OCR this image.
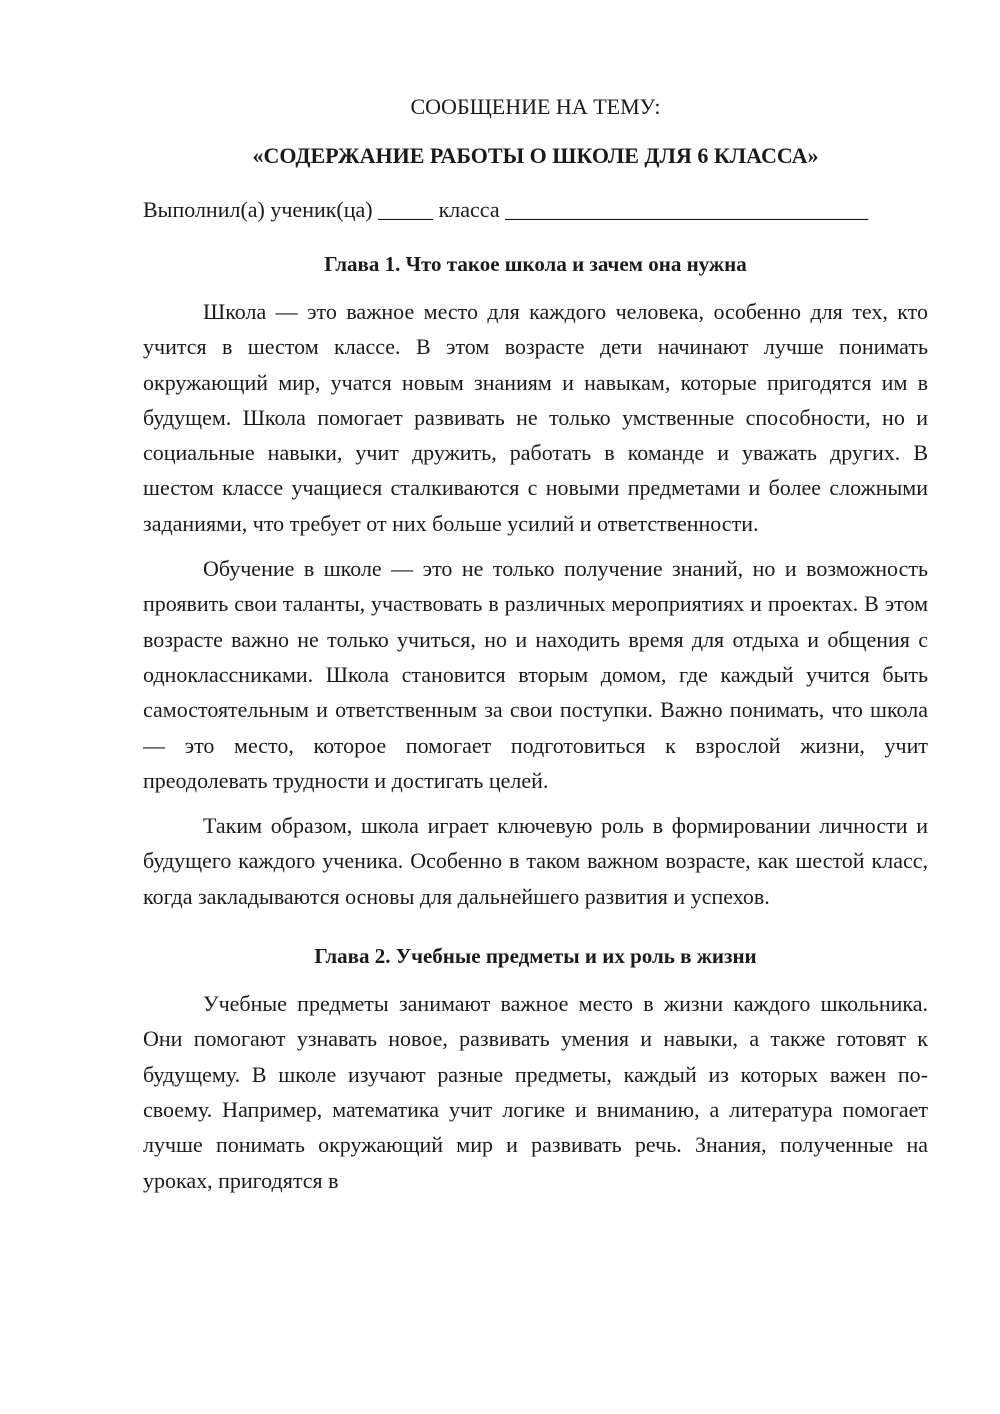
СООБЩЕНИЕ НА ТЕМУ:

«СОДЕРЖАНИЕ РАБОТЫ О ШКОЛЕ ДЛЯ 6 КЛАССА»

Выполнил(а) ученик(ца) _____ класса _________________________________
Глава 1. Что такое школа и зачем она нужна

Школа — это важное место для каждого человека, особенно для тех, кто учится в шестом классе. В этом возрасте дети начинают лучше понимать окружающий мир, учатся новым знаниям и навыкам, которые пригодятся им в будущем. Школа помогает развивать не только умственные способности, но и социальные навыки, учит дружить, работать в команде и уважать других. В шестом классе учащиеся сталкиваются с новыми предметами и более сложными заданиями, что требует от них больше усилий и ответственности.

Обучение в школе — это не только получение знаний, но и возможность проявить свои таланты, участвовать в различных мероприятиях и проектах. В этом возрасте важно не только учиться, но и находить время для отдыха и общения с одноклассниками. Школа становится вторым домом, где каждый учится быть самостоятельным и ответственным за свои поступки. Важно понимать, что школа — это место, которое помогает подготовиться к взрослой жизни, учит преодолевать трудности и достигать целей.

Таким образом, школа играет ключевую роль в формировании личности и будущего каждого ученика. Особенно в таком важном возрасте, как шестой класс, когда закладываются основы для дальнейшего развития и успехов.

Глава 2. Учебные предметы и их роль в жизни

Учебные предметы занимают важное место в жизни каждого школьника. Они помогают узнавать новое, развивать умения и навыки, а также готовят к будущему. В школе изучают разные предметы, каждый из которых важен по-своему. Например, математика учит логике и вниманию, а литература помогает лучше понимать окружающий мир и развивать речь. Знания, полученные на уроках, пригодятся в
